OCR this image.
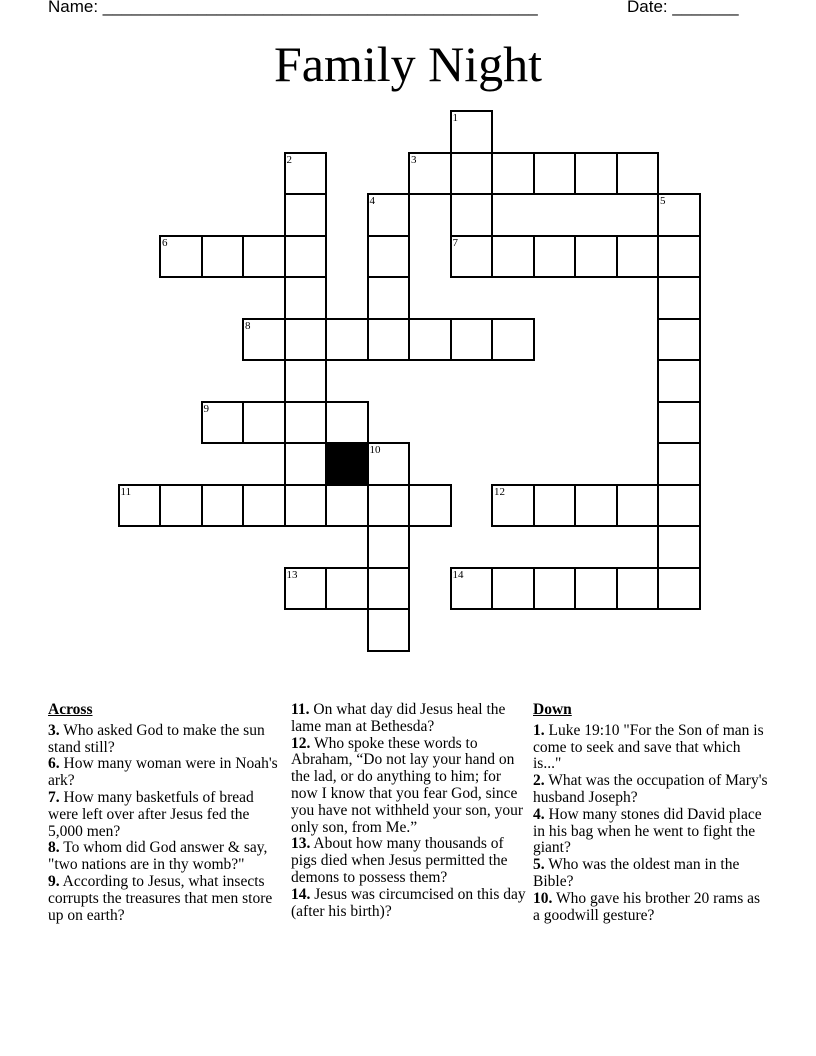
Name: ______________________________________________	Date: _______
Family Night
1
2	3
4	5
6	7
8
9
10
11	12
13	14
Across
3. Who asked God to make the sun stand still?
6. How many woman were in Noah's ark?
7. How many basketfuls of bread were left over after Jesus fed the 5,000 men?
8. To whom did God answer & say, "two nations are in thy womb?"
9. According to Jesus, what insects corrupts the treasures that men store up on earth?
11. On what day did Jesus heal the lame man at Bethesda?
12. Who spoke these words to Abraham, “Do not lay your hand on the lad, or do anything to him; for now I know that you fear God, since you have not withheld your son, your only son, from Me.”
13. About how many thousands of pigs died when Jesus permitted the demons to possess them?
14. Jesus was circumcised on this day (after his birth)?
Down
1. Luke 19:10 "For the Son of man is come to seek and save that which is..."
2. What was the occupation of Mary's husband Joseph?
4. How many stones did David place in his bag when he went to fight the giant?
5. Who was the oldest man in the Bible?
10. Who gave his brother 20 rams as a goodwill gesture?
